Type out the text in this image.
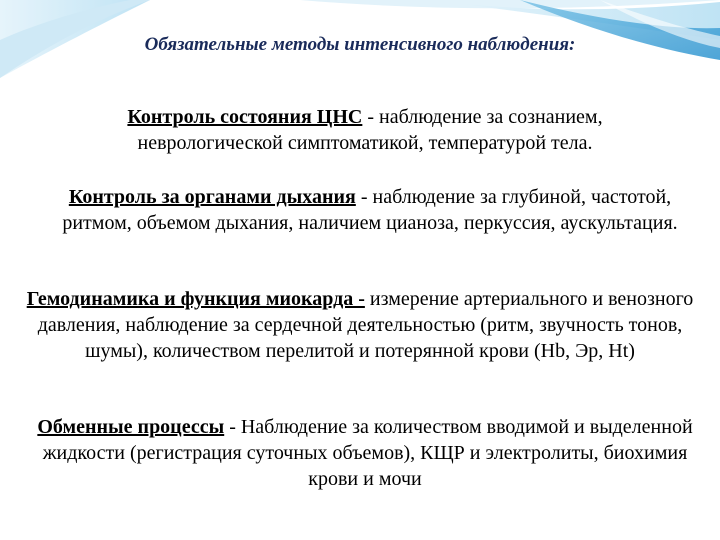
Обязательные методы интенсивного наблюдения:
Контроль состояния ЦНС - наблюдение за сознанием, неврологической симптоматикой, температурой тела.
Контроль за органами дыхания - наблюдение за глубиной, частотой, ритмом, объемом дыхания, наличием цианоза, перкуссия, аускультация.
Гемодинамика и функция миокарда - измерение артериального и венозного давления, наблюдение за сердечной деятельностью (ритм, звучность тонов, шумы), количеством перелитой и потерянной крови (Hb, Эр, Ht)
Обменные процессы - Наблюдение за количеством вводимой и выделенной жидкости (регистрация суточных объемов), КЩР и электролиты, биохимия крови и мочи
